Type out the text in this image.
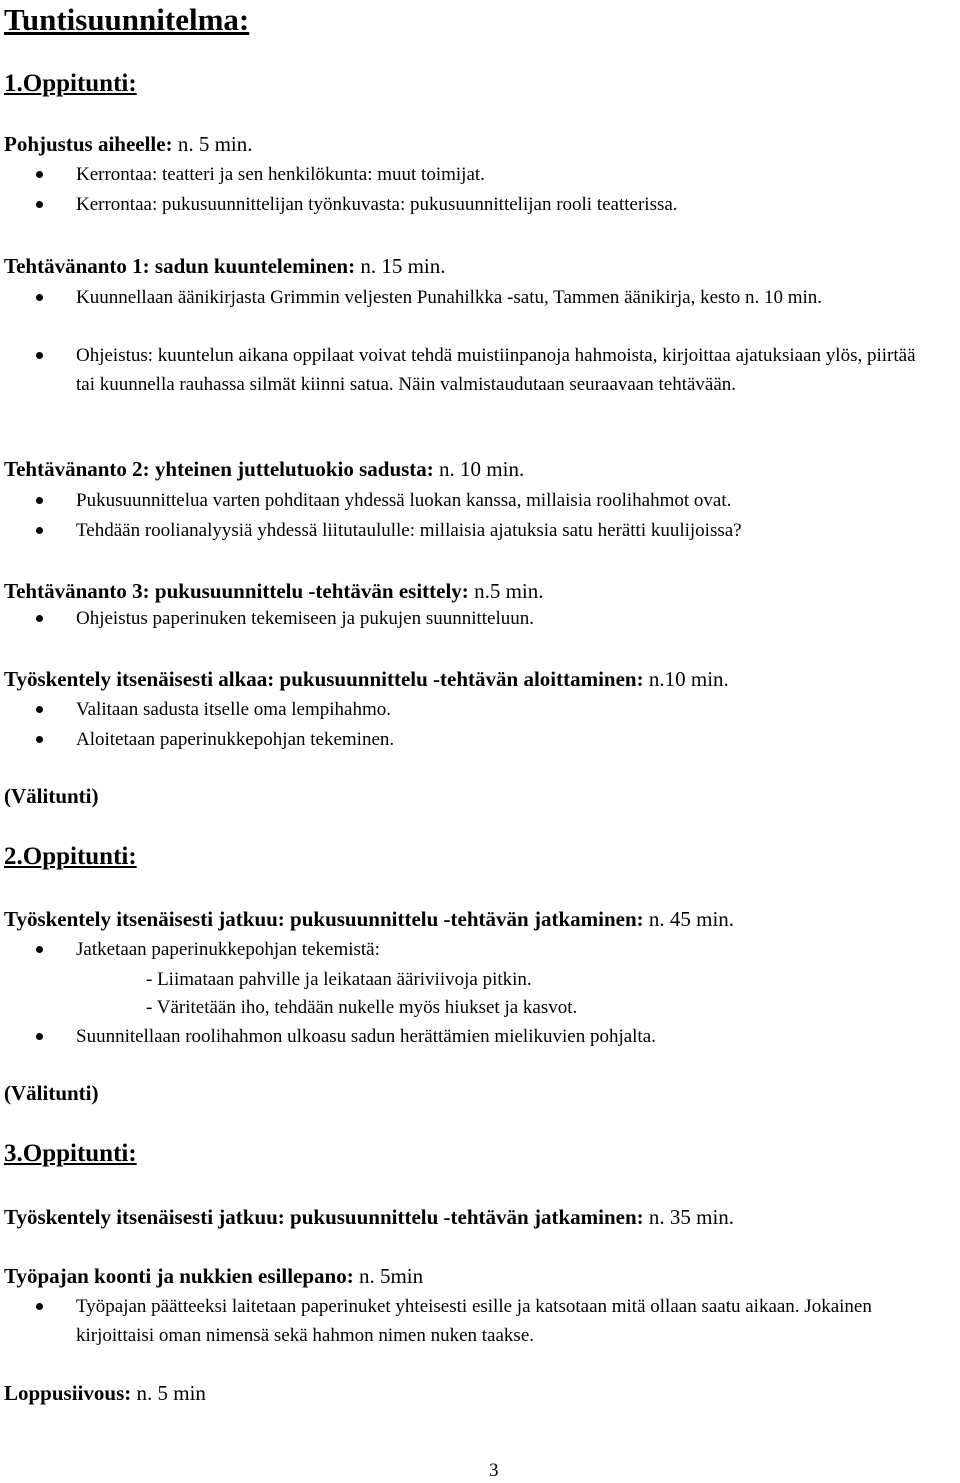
Tuntisuunnitelma:
1.Oppitunti:
Pohjustus aiheelle: n. 5 min.
Kerrontaa: teatteri ja sen henkilökunta: muut toimijat.
Kerrontaa: pukusuunnittelijan työnkuvasta: pukusuunnittelijan rooli teatterissa.
Tehtävänanto 1: sadun kuunteleminen: n. 15 min.
Kuunnellaan äänikirjasta Grimmin veljesten Punahilkka -satu, Tammen äänikirja, kesto n. 10 min.
Ohjeistus: kuuntelun aikana oppilaat voivat tehdä muistiinpanoja hahmoista, kirjoittaa ajatuksiaan ylös, piirtää tai kuunnella rauhassa silmät kiinni satua. Näin valmistaudutaan seuraavaan tehtävään.
Tehtävänanto 2: yhteinen juttelutuokio sadusta: n. 10 min.
Pukusuunnittelua varten pohditaan yhdessä luokan kanssa, millaisia roolihahmot ovat.
Tehdään roolianalyysiä yhdessä liitutaululle: millaisia ajatuksia satu herätti kuulijoissa?
Tehtävänanto 3: pukusuunnittelu -tehtävän esittely: n.5 min.
Ohjeistus paperinuken tekemiseen ja pukujen suunnitteluun.
Työskentely itsenäisesti alkaa: pukusuunnittelu -tehtävän aloittaminen: n.10 min.
Valitaan sadusta itselle oma lempihahmo.
Aloitetaan paperinukkepohjan tekeminen.
(Välitunti)
2.Oppitunti:
Työskentely itsenäisesti jatkuu: pukusuunnittelu -tehtävän jatkaminen: n. 45 min.
Jatketaan paperinukkepohjan tekemistä:
- Liimataan pahville ja leikataan ääriviivoja pitkin.
- Väritetään iho, tehdään nukelle myös hiukset ja kasvot.
Suunnitellaan roolihahmon ulkoasu sadun herättämien mielikuvien pohjalta.
(Välitunti)
3.Oppitunti:
Työskentely itsenäisesti jatkuu: pukusuunnittelu -tehtävän jatkaminen: n. 35 min.
Työpajan koonti ja nukkien esillepano: n. 5min
Työpajan päätteeksi laitetaan paperinuket yhteisesti esille ja katsotaan mitä ollaan saatu aikaan. Jokainen kirjoittaisi oman nimensä sekä hahmon nimen nuken taakse.
Loppusiivous: n. 5 min
3
